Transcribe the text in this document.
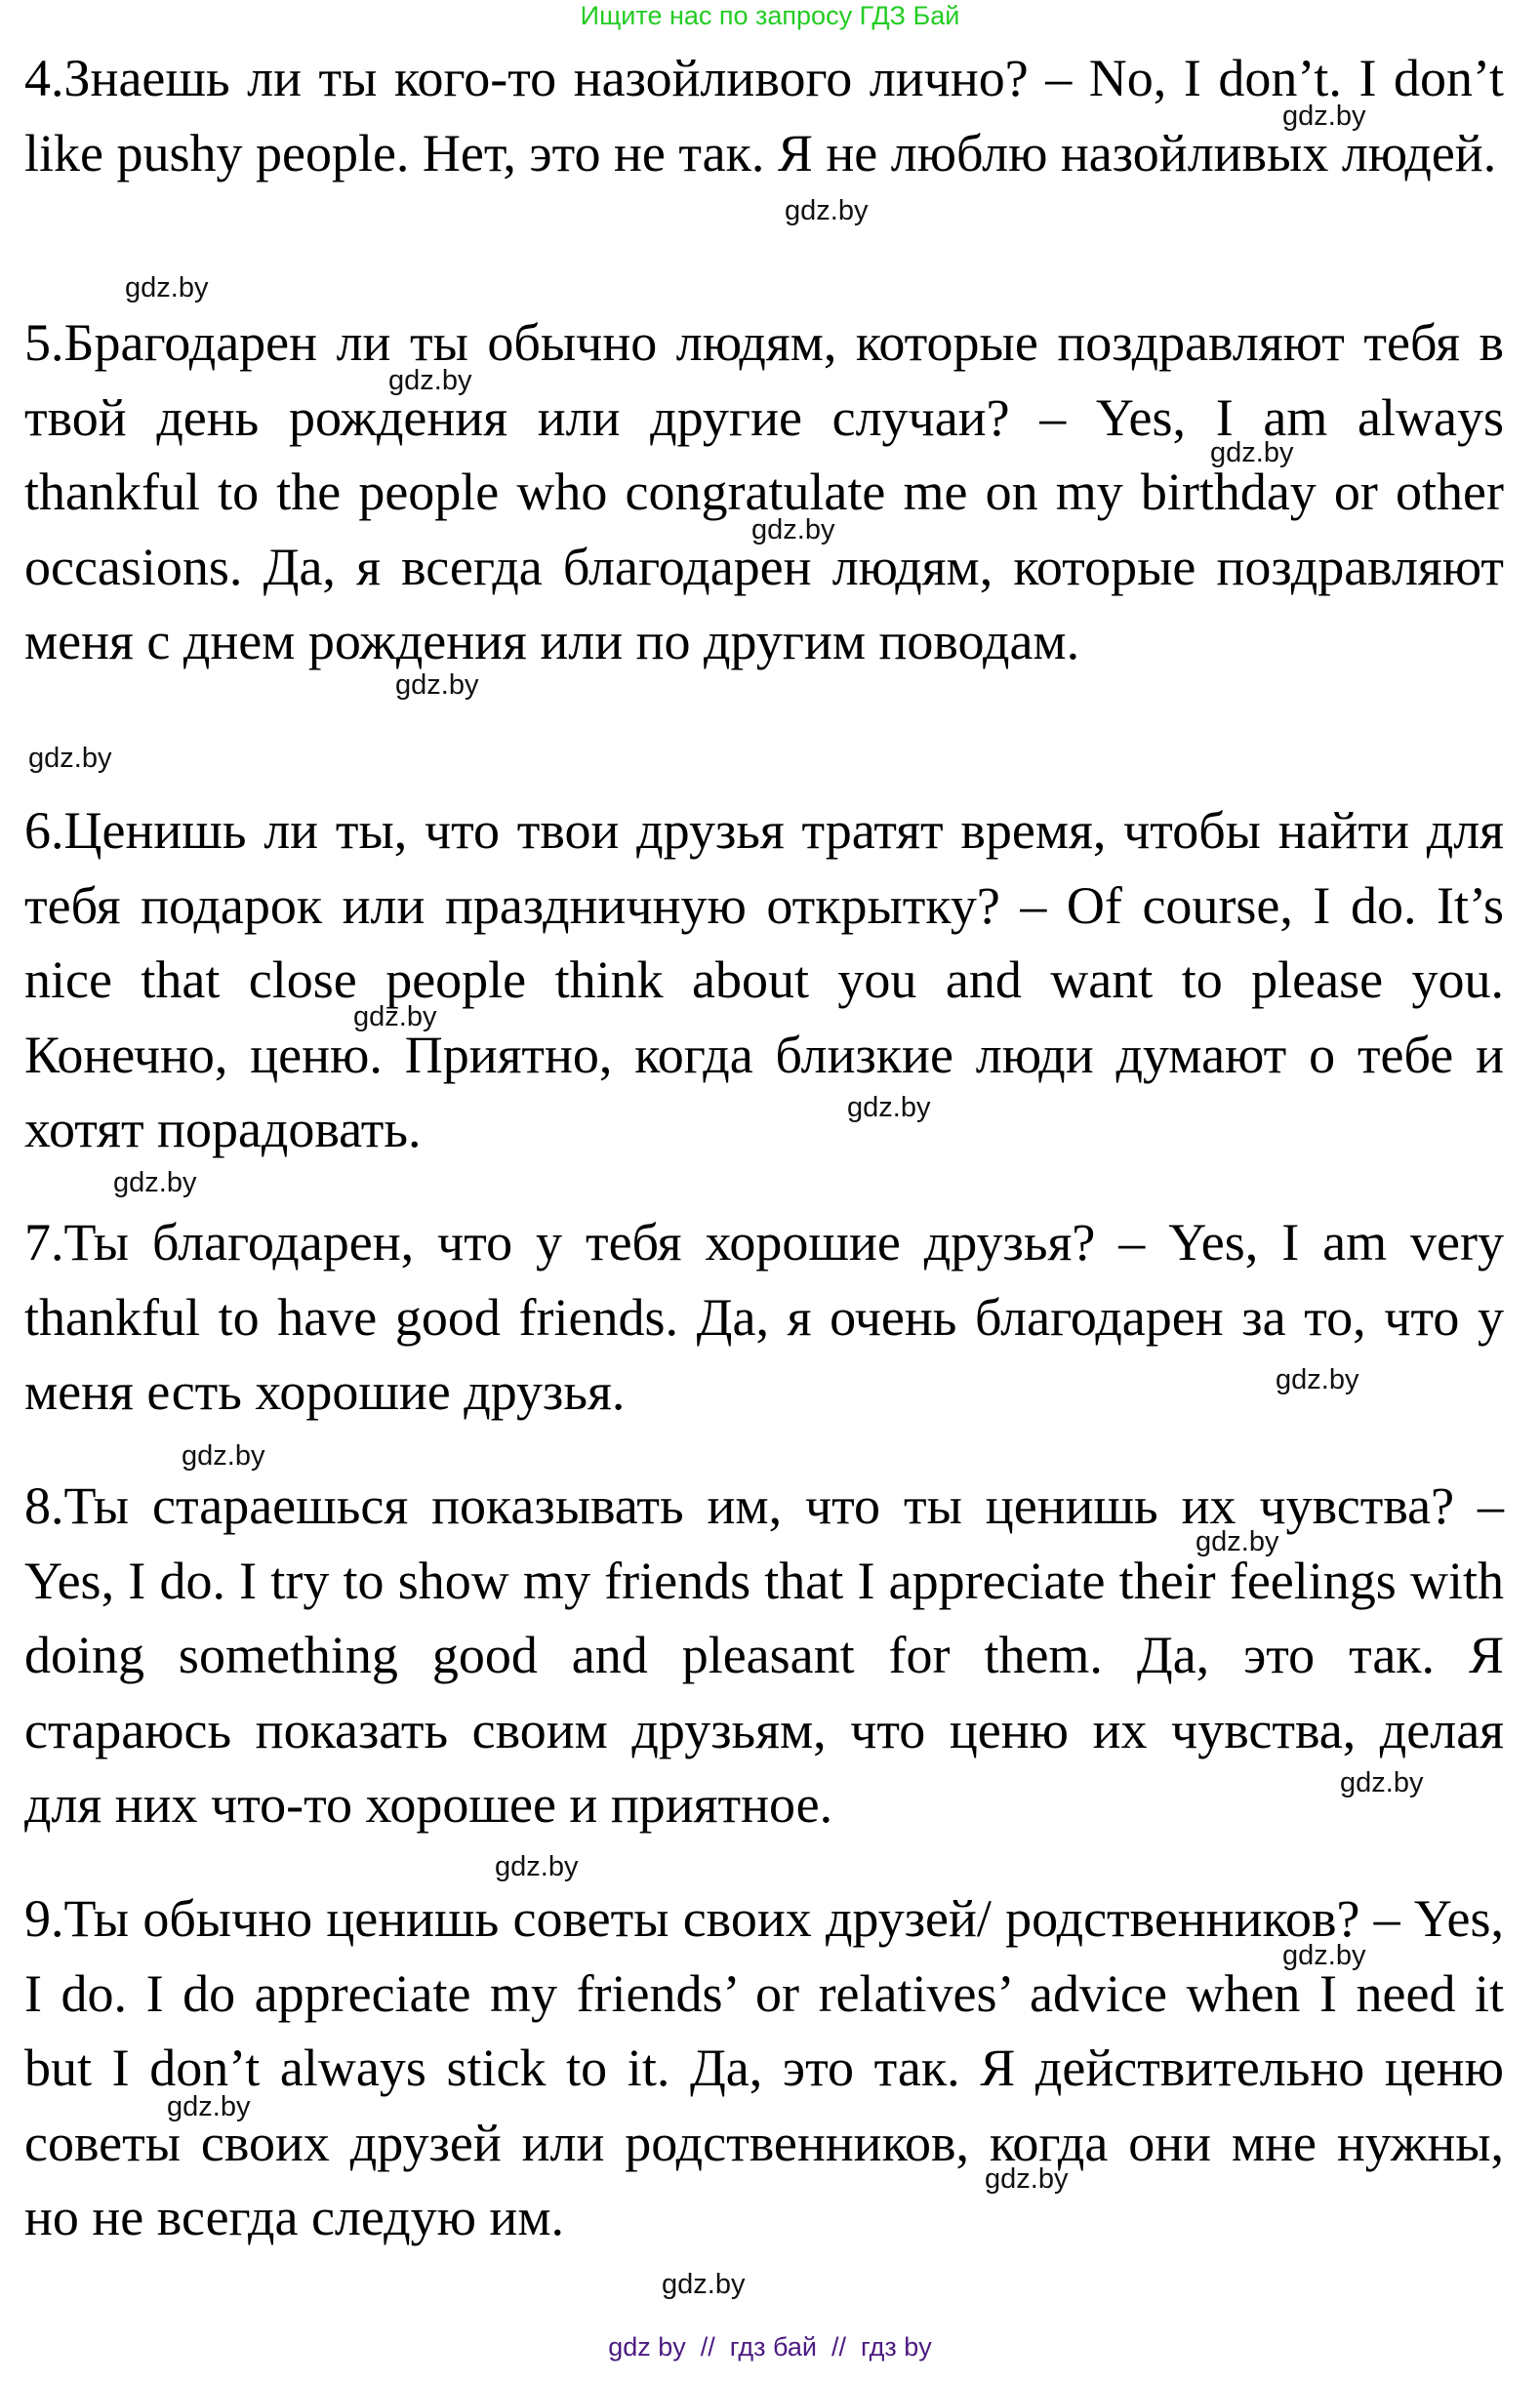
Ищите нас по запросу ГДЗ Бай

4.Знаешь ли ты кого-то назойливого лично? – No, I don’t. I don’t like pushy people. Нет, это не так. Я не люблю назойливых людей.

5.Брагодарен ли ты обычно людям, которые поздравляют тебя в твой день рождения или другие случаи? – Yes, I am always thankful to the people who congratulate me on my birthday or other occasions. Да, я всегда благодарен людям, которые поздравляют меня с днем рождения или по другим поводам.

6.Ценишь ли ты, что твои друзья тратят время, чтобы найти для тебя подарок или праздничную открытку? – Of course, I do. It’s nice that close people think about you and want to please you. Конечно, ценю. Приятно, когда близкие люди думают о тебе и хотят порадовать.

7.Ты благодарен, что у тебя хорошие друзья? – Yes, I am very thankful to have good friends. Да, я очень благодарен за то, что у меня есть хорошие друзья.

8.Ты стараешься показывать им, что ты ценишь их чувства? – Yes, I do. I try to show my friends that I appreciate their feelings with doing something good and pleasant for them. Да, это так. Я стараюсь показать своим друзьям, что ценю их чувства, делая для них что-то хорошее и приятное.

9.Ты обычно ценишь советы своих друзей/ родственников? – Yes, I do. I do appreciate my friends’ or relatives’ advice when I need it but I don’t always stick to it. Да, это так. Я действительно ценю советы своих друзей или родственников, когда они мне нужны, но не всегда следую им.

gdz.by
gdz.by
gdz.by
gdz.by
gdz.by
gdz.by
gdz.by
gdz.by
gdz.by
gdz.by
gdz.by
gdz.by
gdz.by
gdz.by
gdz.by
gdz.by
gdz.by
gdz.by
gdz.by
gdz.by
gdz by  //  гдз бай  //  гдз by
